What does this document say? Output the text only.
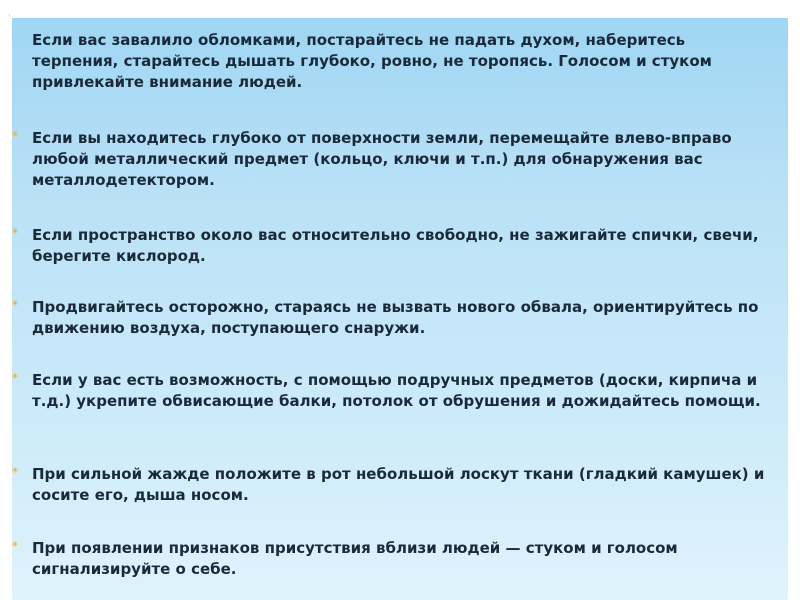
·

Если вас завалило обломками, постарайтесь не падать духом, наберитесь терпения, старайтесь дышать глубоко, ровно, не торопясь. Голосом и стуком привлекайте внимание людей.

* Если вы находитесь глубоко от поверхности земли, перемещайте влево-вправо любой металлический предмет (кольцо, ключи и т.п.) для обнаружения вас металлодетектором.

* Если пространство около вас относительно свободно, не зажигайте спички, свечи, берегите кислород.

* Продвигайтесь осторожно, стараясь не вызвать нового обвала, ориентируйтесь по движению воздуха, поступающего снаружи.

* Если у вас есть возможность, с помощью подручных предметов (доски, кирпича и т.д.) укрепите обвисающие балки, потолок от обрушения и дожидайтесь помощи.

* При сильной жажде положите в рот небольшой лоскут ткани (гладкий камушек) и сосите его, дыша носом.

* При появлении признаков присутствия вблизи людей — стуком и голосом сигнализируйте о себе.
